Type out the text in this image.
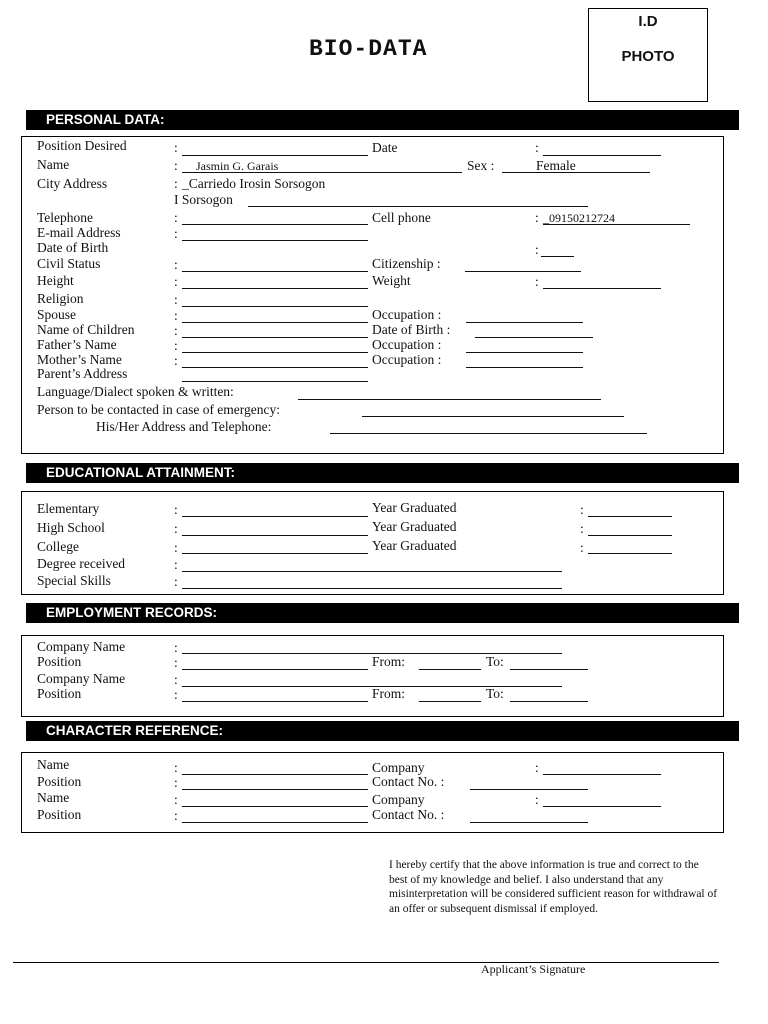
BIO-DATA
I.D
PHOTO
PERSONAL DATA:
Position Desired	:	Date	:
Name	: Jasmin G. Garais	Sex :	Female
City Address	: _Carriedo Irosin Sorsogon
I Sorsogon
Telephone	:	Cell phone	: _09150212724
E-mail Address	:
Date of Birth	:
Civil Status	:	Citizenship :
Height	:	Weight	:
Religion	:
Spouse	:	Occupation :
Name of Children	:	Date of Birth :
Father’s Name	:	Occupation :
Mother’s Name	:	Occupation :
Parent’s Address
Language/Dialect spoken & written:
Person to be contacted in case of emergency:
His/Her Address and Telephone:
EDUCATIONAL ATTAINMENT:
Elementary	:	Year Graduated	:
High School	:	Year Graduated	:
College	:	Year Graduated	:
Degree received	:
Special Skills	:
EMPLOYMENT RECORDS:
Company Name	:
Position	:	From:	To:
Company Name	:
Position	:	From:	To:
CHARACTER REFERENCE:
Name	:	Company	:
Position	:	Contact No. :
Name	:	Company	:
Position	:	Contact No. :
I hereby certify that the above information is true and correct to the best of my knowledge and belief. I also understand that any misinterpretation will be considered sufficient reason for withdrawal of an offer or subsequent dismissal if employed.
Applicant’s Signature
